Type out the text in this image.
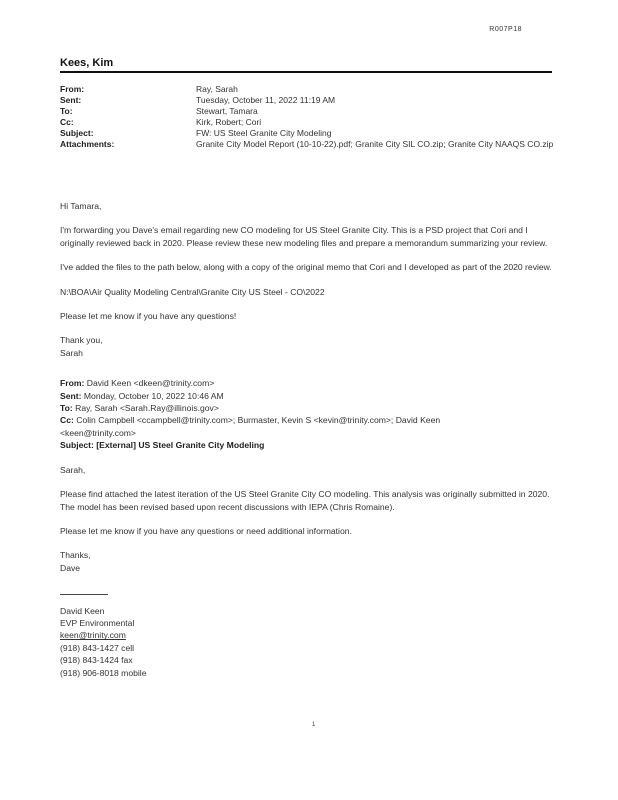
R007P18
Kees, Kim
From:	Ray, Sarah
Sent:	Tuesday, October 11, 2022 11:19 AM
To:	Stewart, Tamara
Cc:	Kirk, Robert; Cori
Subject:	FW: US Steel Granite City Modeling
Attachments:	Granite City Model Report (10-10-22).pdf; Granite City SIL CO.zip; Granite City NAAQS CO.zip

Hi Tamara,

I'm forwarding you Dave's email regarding new CO modeling for US Steel Granite City. This is a PSD project that Cori and I originally reviewed back in 2020. Please review these new modeling files and prepare a memorandum summarizing your review.

I've added the files to the path below, along with a copy of the original memo that Cori and I developed as part of the 2020 review.

N:\BOA\Air Quality Modeling Central\Granite City US Steel - CO\2022

Please let me know if you have any questions!

Thank you,

Sarah

From: David Keen <dkeen@trinity.com>

Sent: Monday, October 10, 2022 10:46 AM

To: Ray, Sarah <Sarah.Ray@illinois.gov>

Cc: Colin Campbell <ccampbell@trinity.com>; Burmaster, Kevin S <kevin@trinity.com>; David Keen

<keen@trinity.com>

Subject: [External] US Steel Granite City Modeling

Sarah,

Please find attached the latest iteration of the US Steel Granite City CO modeling. This analysis was originally submitted in 2020. The model has been revised based upon recent discussions with IEPA (Chris Romaine).

Please let me know if you have any questions or need additional information.

Thanks,

Dave

David Keen

EVP Environmental

keen@trinity.com

(918) 843-1427 cell

(918) 843-1424 fax

(918) 906-8018 mobile

1
